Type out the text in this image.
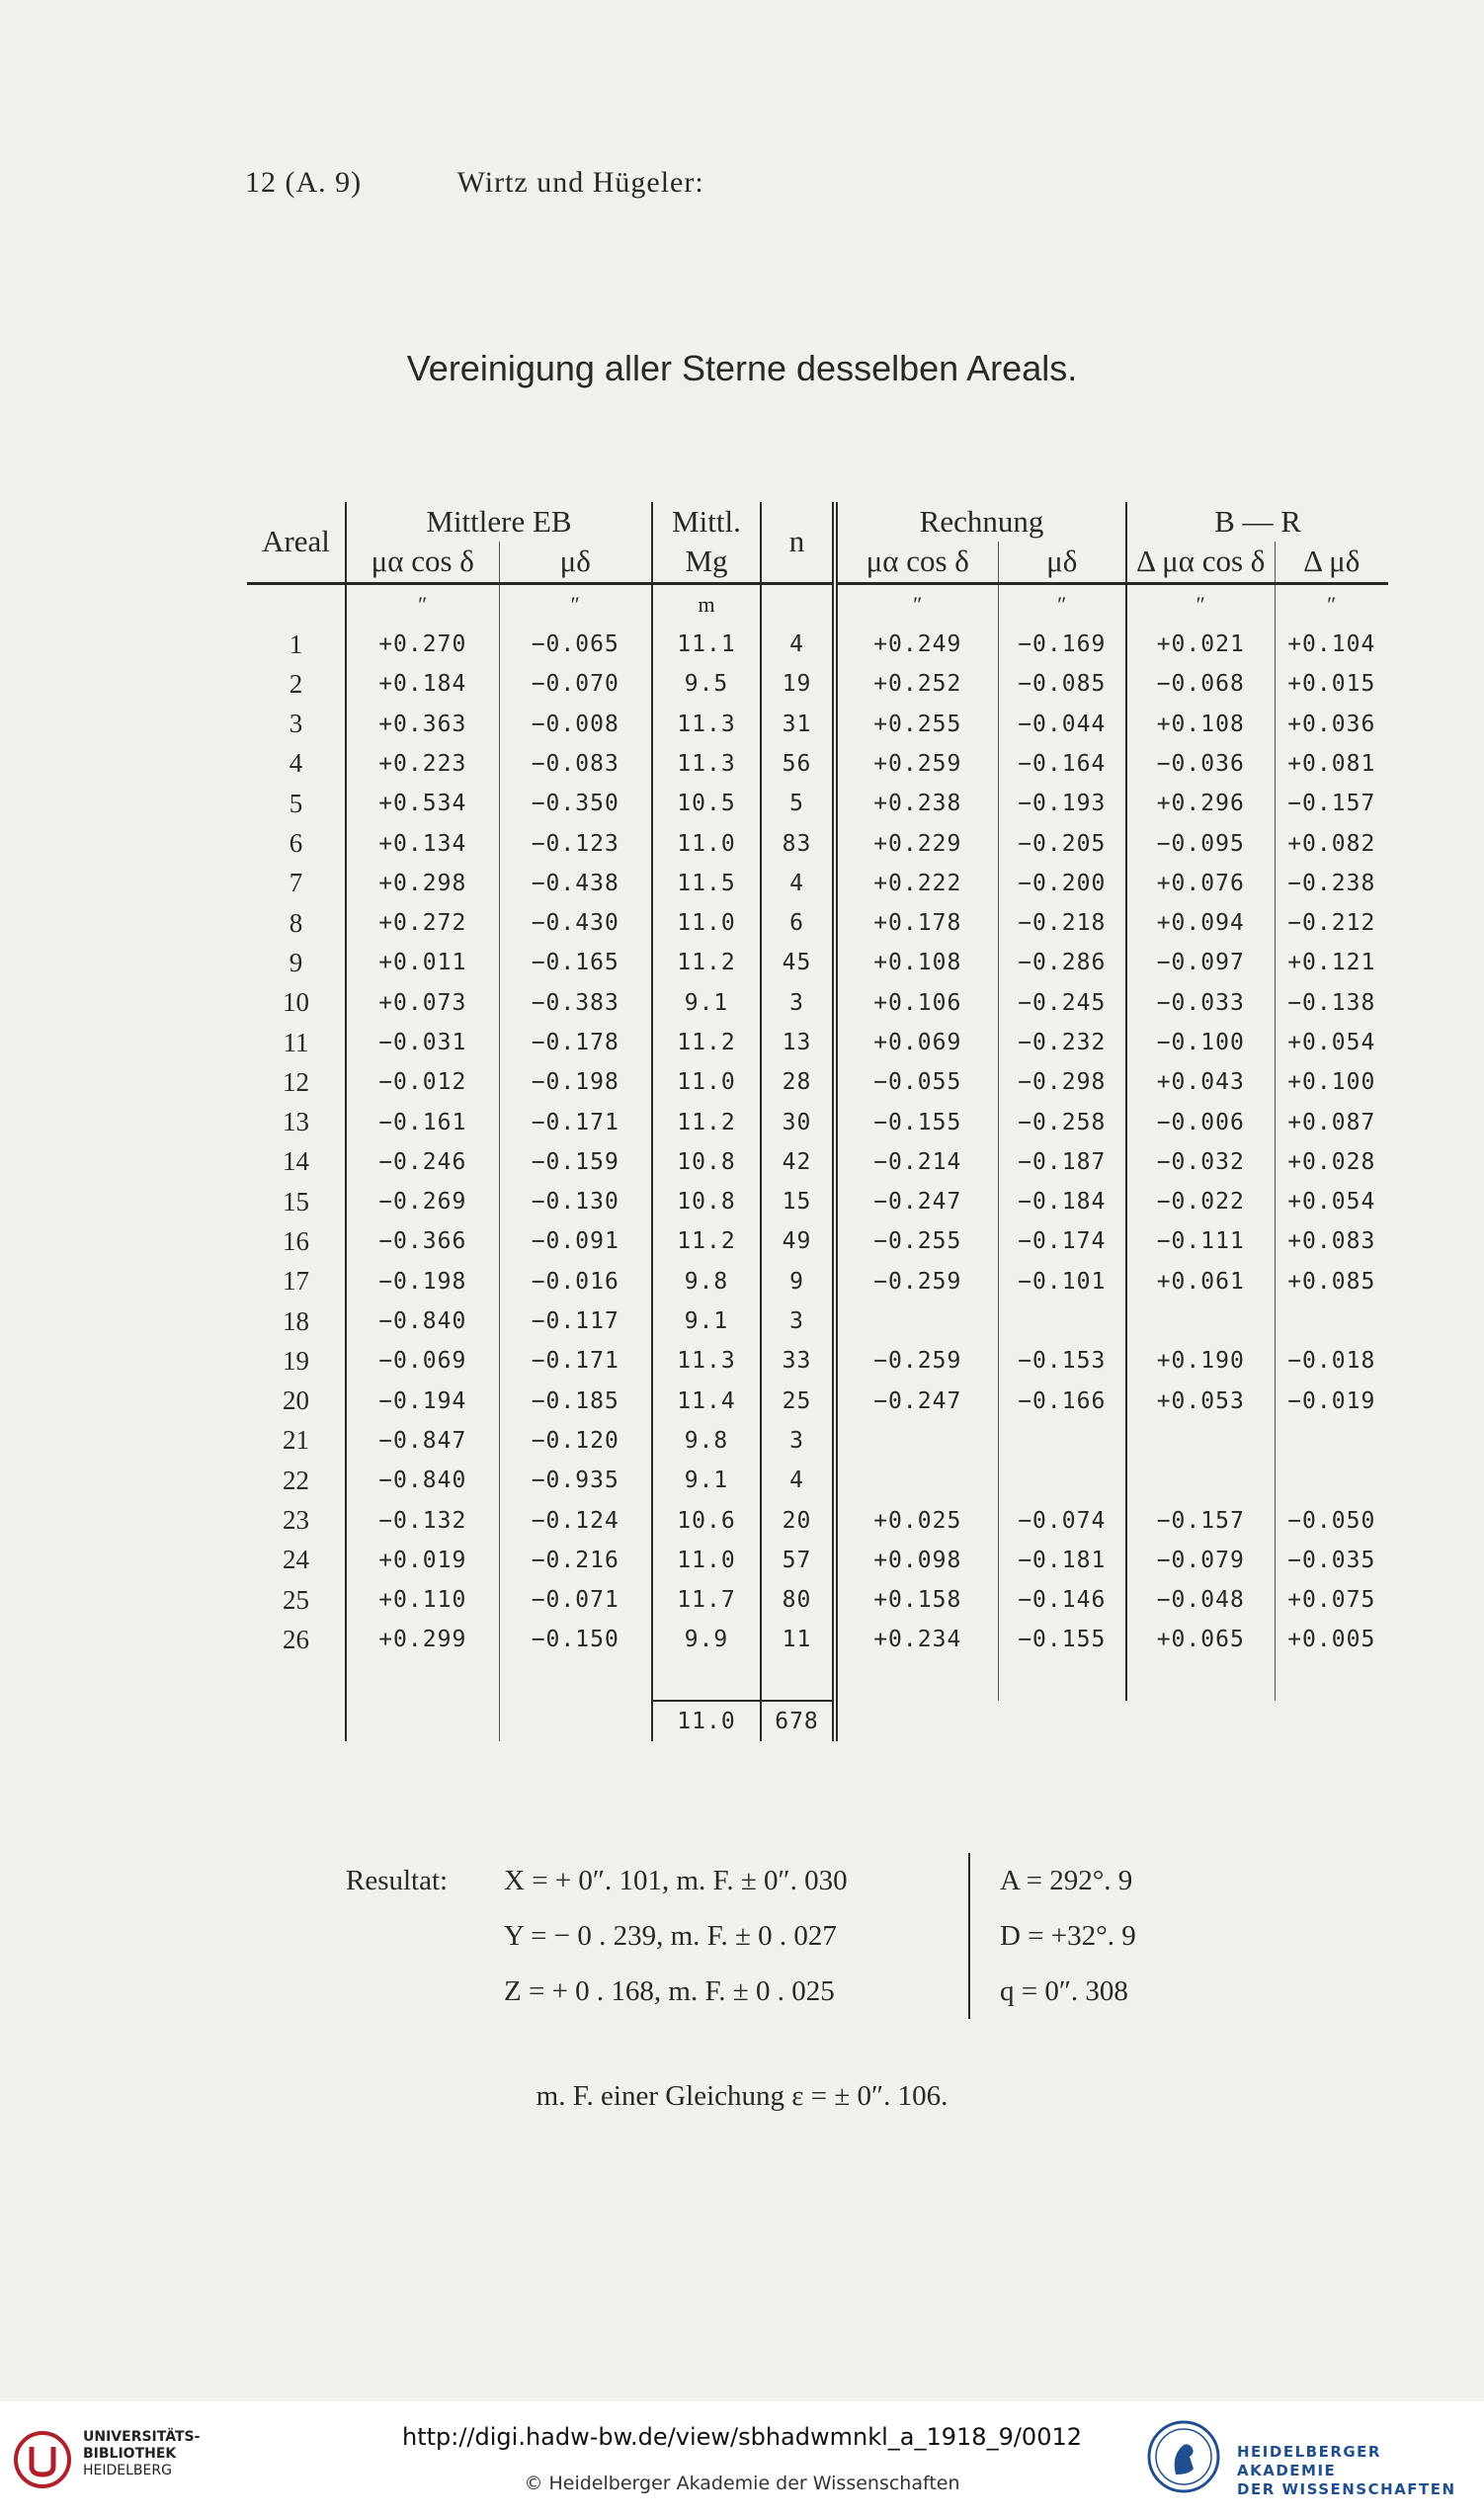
12 (A. 9)	Wirtz und Hügeler:
Vereinigung aller Sterne desselben Areals.
Areal	Mittlere EB		Mittl.	n	Rechnung		B — R	
	μα cos δ	μδ	Mg		μα cos δ	μδ	Δ μα cos δ	Δ μδ
	″	″	m		″	″	″	″
1	+0.270	−0.065	11.1	4	+0.249	−0.169	+0.021	+0.104
2	+0.184	−0.070	9.5	19	+0.252	−0.085	−0.068	+0.015
3	+0.363	−0.008	11.3	31	+0.255	−0.044	+0.108	+0.036
4	+0.223	−0.083	11.3	56	+0.259	−0.164	−0.036	+0.081
5	+0.534	−0.350	10.5	5	+0.238	−0.193	+0.296	−0.157
6	+0.134	−0.123	11.0	83	+0.229	−0.205	−0.095	+0.082
7	+0.298	−0.438	11.5	4	+0.222	−0.200	+0.076	−0.238
8	+0.272	−0.430	11.0	6	+0.178	−0.218	+0.094	−0.212
9	+0.011	−0.165	11.2	45	+0.108	−0.286	−0.097	+0.121
10	+0.073	−0.383	9.1	3	+0.106	−0.245	−0.033	−0.138
11	−0.031	−0.178	11.2	13	+0.069	−0.232	−0.100	+0.054
12	−0.012	−0.198	11.0	28	−0.055	−0.298	+0.043	+0.100
13	−0.161	−0.171	11.2	30	−0.155	−0.258	−0.006	+0.087
14	−0.246	−0.159	10.8	42	−0.214	−0.187	−0.032	+0.028
15	−0.269	−0.130	10.8	15	−0.247	−0.184	−0.022	+0.054
16	−0.366	−0.091	11.2	49	−0.255	−0.174	−0.111	+0.083
17	−0.198	−0.016	9.8	9	−0.259	−0.101	+0.061	+0.085
18	−0.840	−0.117	9.1	3				
19	−0.069	−0.171	11.3	33	−0.259	−0.153	+0.190	−0.018
20	−0.194	−0.185	11.4	25	−0.247	−0.166	+0.053	−0.019
21	−0.847	−0.120	9.8	3				
22	−0.840	−0.935	9.1	4				
23	−0.132	−0.124	10.6	20	+0.025	−0.074	−0.157	−0.050
24	+0.019	−0.216	11.0	57	+0.098	−0.181	−0.079	−0.035
25	+0.110	−0.071	11.7	80	+0.158	−0.146	−0.048	+0.075
26	+0.299	−0.150	9.9	11	+0.234	−0.155	+0.065	+0.005

			11.0	678				
Resultat: X = + 0″. 101, m. F. ± 0″. 030	A = 292°. 9
Y = − 0 . 239, m. F. ± 0 . 027	D = +32°. 9
Z = + 0 . 168, m. F. ± 0 . 025	q = 0″. 308
m. F. einer Gleichung ε = ± 0″. 106.
UNIVERSITÄTS-
BIBLIOTHEK
HEIDELBERG
http://digi.hadw-bw.de/view/sbhadwmnkl_a_1918_9/0012
© Heidelberger Akademie der Wissenschaften
HEIDELBERGER AKADEMIE
DER WISSENSCHAFTEN
